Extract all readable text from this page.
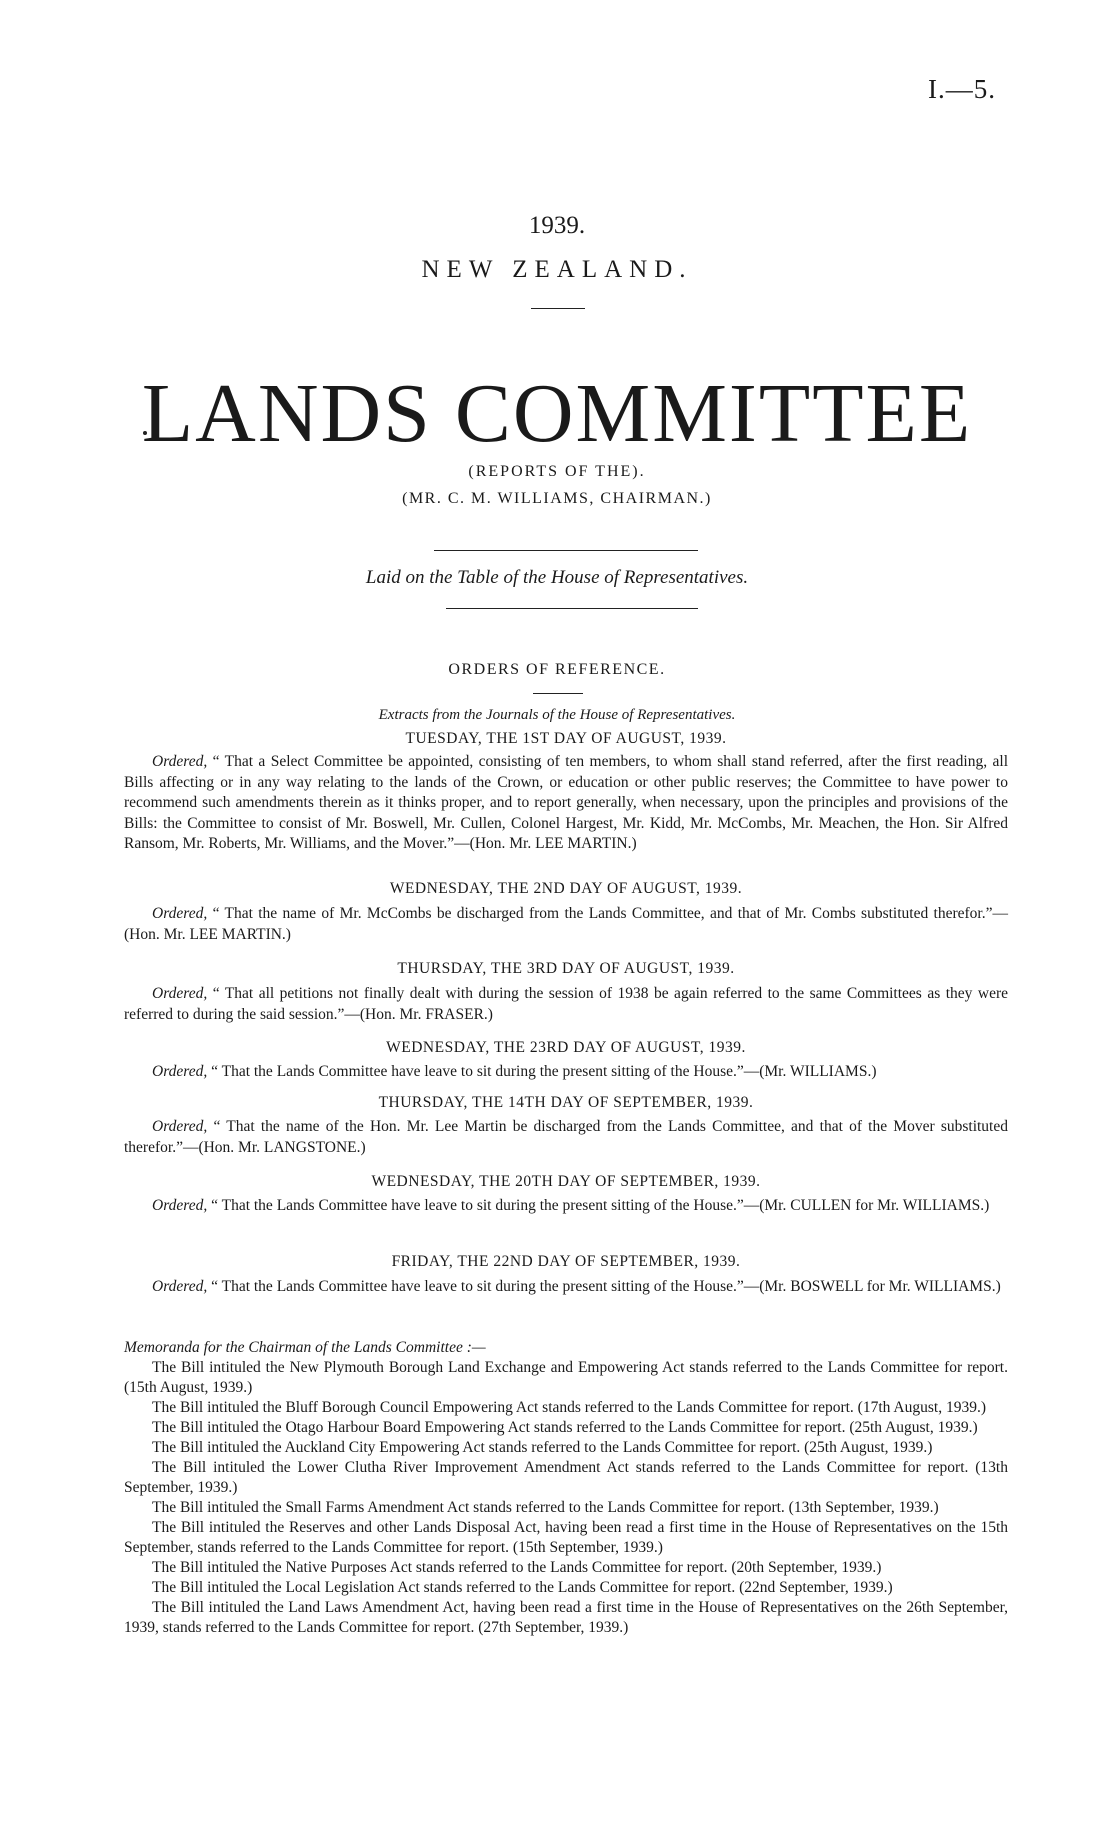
I.—5.
1939.
NEW ZEALAND.
LANDS COMMITTEE
(REPORTS OF THE).
(MR. C. M. WILLIAMS, CHAIRMAN.)
Laid on the Table of the House of Representatives.
ORDERS OF REFERENCE.
Extracts from the Journals of the House of Representatives.
TUESDAY, THE 1ST DAY OF AUGUST, 1939.
Ordered, “ That a Select Committee be appointed, consisting of ten members, to whom shall stand referred, after the first reading, all Bills affecting or in any way relating to the lands of the Crown, or education or other public reserves; the Committee to have power to recommend such amendments therein as it thinks proper, and to report generally, when necessary, upon the principles and provisions of the Bills: the Committee to consist of Mr. Boswell, Mr. Cullen, Colonel Hargest, Mr. Kidd, Mr. McCombs, Mr. Meachen, the Hon. Sir Alfred Ransom, Mr. Roberts, Mr. Williams, and the Mover.”—(Hon. Mr. LEE MARTIN.)
WEDNESDAY, THE 2ND DAY OF AUGUST, 1939.
Ordered, “ That the name of Mr. McCombs be discharged from the Lands Committee, and that of Mr. Combs substituted therefor.”—(Hon. Mr. LEE MARTIN.)
THURSDAY, THE 3RD DAY OF AUGUST, 1939.
Ordered, “ That all petitions not finally dealt with during the session of 1938 be again referred to the same Committees as they were referred to during the said session.”—(Hon. Mr. FRASER.)
WEDNESDAY, THE 23RD DAY OF AUGUST, 1939.
Ordered, “ That the Lands Committee have leave to sit during the present sitting of the House.”—(Mr. WILLIAMS.)
THURSDAY, THE 14TH DAY OF SEPTEMBER, 1939.
Ordered, “ That the name of the Hon. Mr. Lee Martin be discharged from the Lands Committee, and that of the Mover substituted therefor.”—(Hon. Mr. LANGSTONE.)
WEDNESDAY, THE 20TH DAY OF SEPTEMBER, 1939.
Ordered, “ That the Lands Committee have leave to sit during the present sitting of the House.”—(Mr. CULLEN for Mr. WILLIAMS.)
FRIDAY, THE 22ND DAY OF SEPTEMBER, 1939.
Ordered, “ That the Lands Committee have leave to sit during the present sitting of the House.”—(Mr. BOSWELL for Mr. WILLIAMS.)

Memoranda for the Chairman of the Lands Committee :—

The Bill intituled the New Plymouth Borough Land Exchange and Empowering Act stands referred to the Lands Committee for report. (15th August, 1939.)

The Bill intituled the Bluff Borough Council Empowering Act stands referred to the Lands Committee for report. (17th August, 1939.)

The Bill intituled the Otago Harbour Board Empowering Act stands referred to the Lands Committee for report. (25th August, 1939.)

The Bill intituled the Auckland City Empowering Act stands referred to the Lands Committee for report. (25th August, 1939.)

The Bill intituled the Lower Clutha River Improvement Amendment Act stands referred to the Lands Committee for report. (13th September, 1939.)

The Bill intituled the Small Farms Amendment Act stands referred to the Lands Committee for report. (13th September, 1939.)

The Bill intituled the Reserves and other Lands Disposal Act, having been read a first time in the House of Representatives on the 15th September, stands referred to the Lands Committee for report. (15th September, 1939.)

The Bill intituled the Native Purposes Act stands referred to the Lands Committee for report. (20th September, 1939.)

The Bill intituled the Local Legislation Act stands referred to the Lands Committee for report. (22nd September, 1939.)

The Bill intituled the Land Laws Amendment Act, having been read a first time in the House of Representatives on the 26th September, 1939, stands referred to the Lands Committee for report. (27th September, 1939.)
